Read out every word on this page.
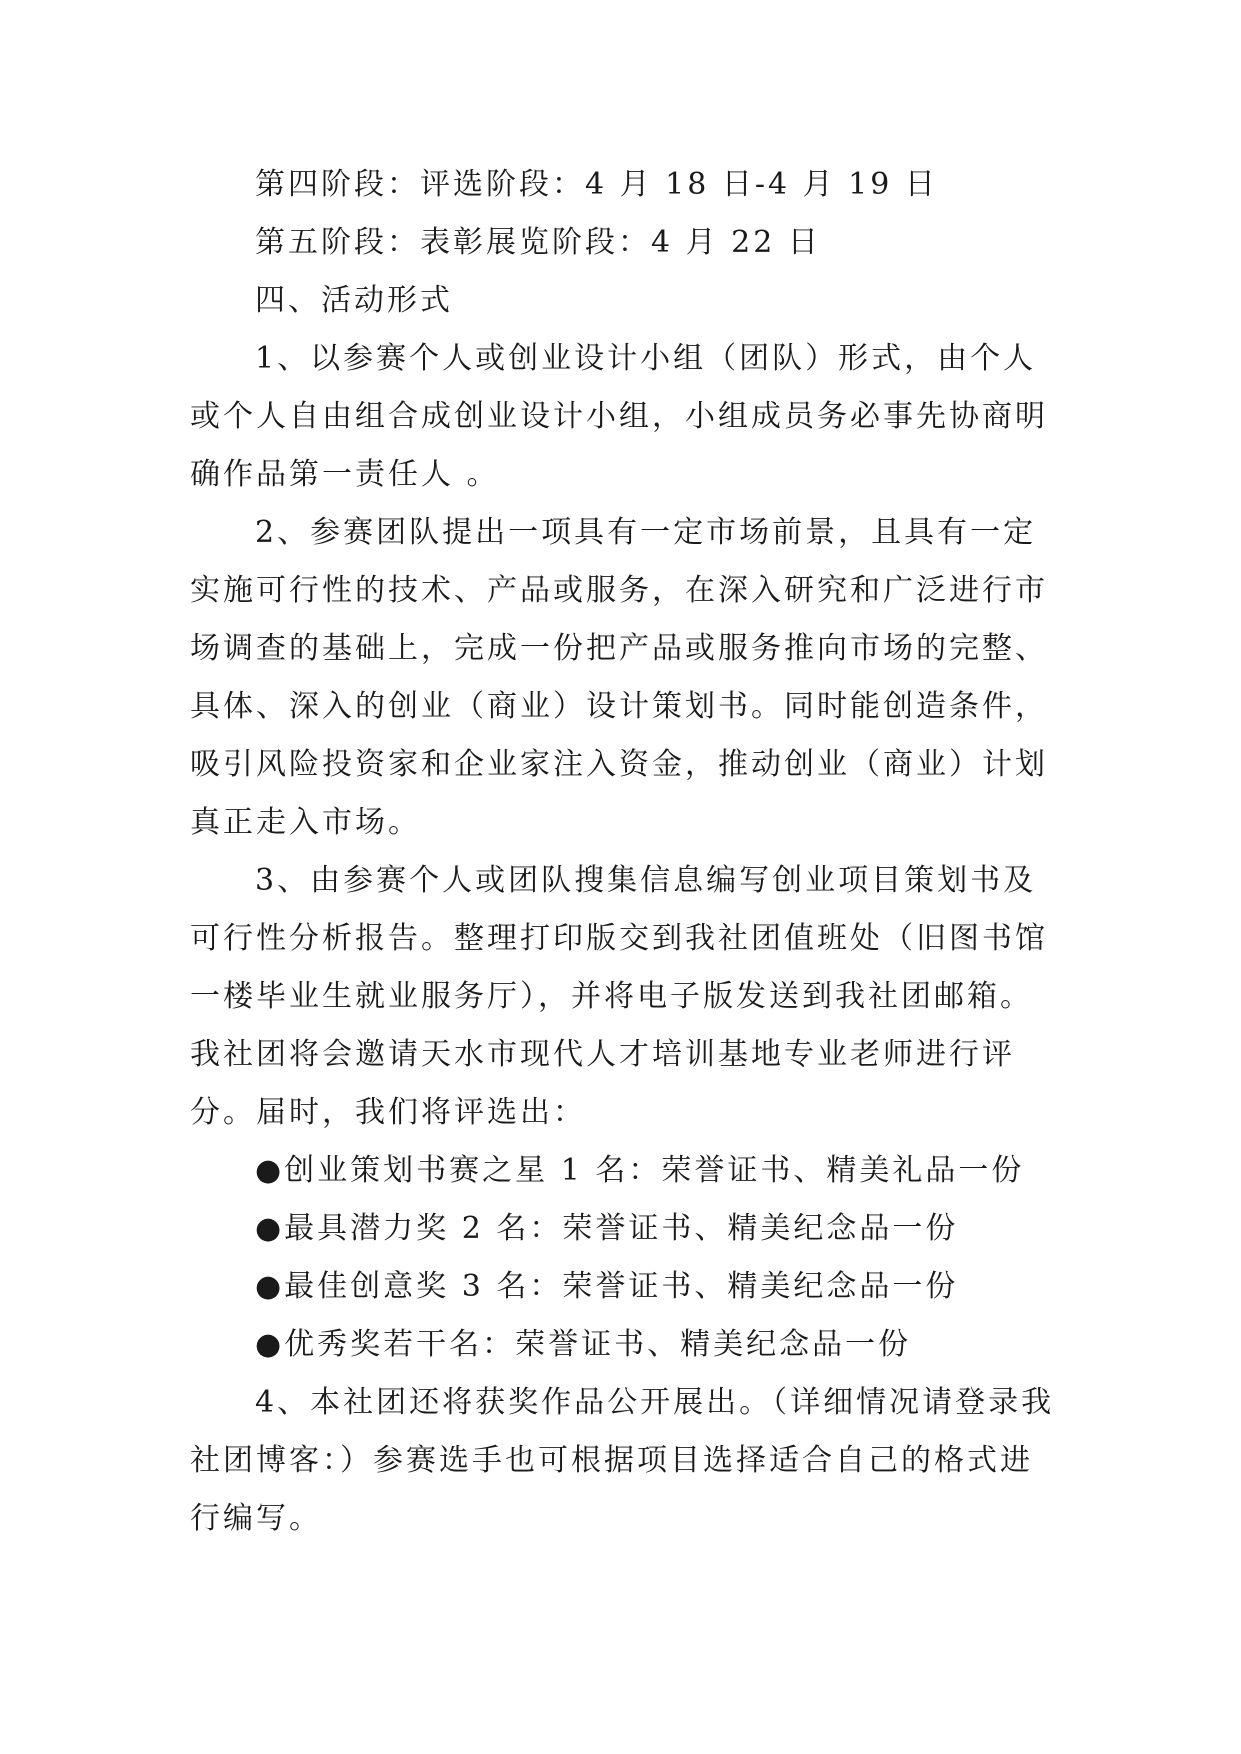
第四阶段：评选阶段：4 月 18 日-4 月 19 日
第五阶段：表彰展览阶段：4 月 22 日
四、活动形式
1、以参赛个人或创业设计小组（团队）形式，由个人
或个人自由组合成创业设计小组，小组成员务必事先协商明
确作品第一责任人 。
2、参赛团队提出一项具有一定市场前景，且具有一定
实施可行性的技术、产品或服务，在深入研究和广泛进行市
场调查的基础上，完成一份把产品或服务推向市场的完整、
具体、深入的创业（商业）设计策划书。同时能创造条件，
吸引风险投资家和企业家注入资金，推动创业（商业）计划
真正走入市场。
3、由参赛个人或团队搜集信息编写创业项目策划书及
可行性分析报告。整理打印版交到我社团值班处（旧图书馆
一楼毕业生就业服务厅），并将电子版发送到我社团邮箱。
我社团将会邀请天水市现代人才培训基地专业老师进行评
分。届时，我们将评选出：
●创业策划书赛之星 1 名：荣誉证书、精美礼品一份
●最具潜力奖 2 名：荣誉证书、精美纪念品一份
●最佳创意奖 3 名：荣誉证书、精美纪念品一份
●优秀奖若干名：荣誉证书、精美纪念品一份
4、本社团还将获奖作品公开展出。（详细情况请登录我
社团博客：）参赛选手也可根据项目选择适合自己的格式进
行编写。
